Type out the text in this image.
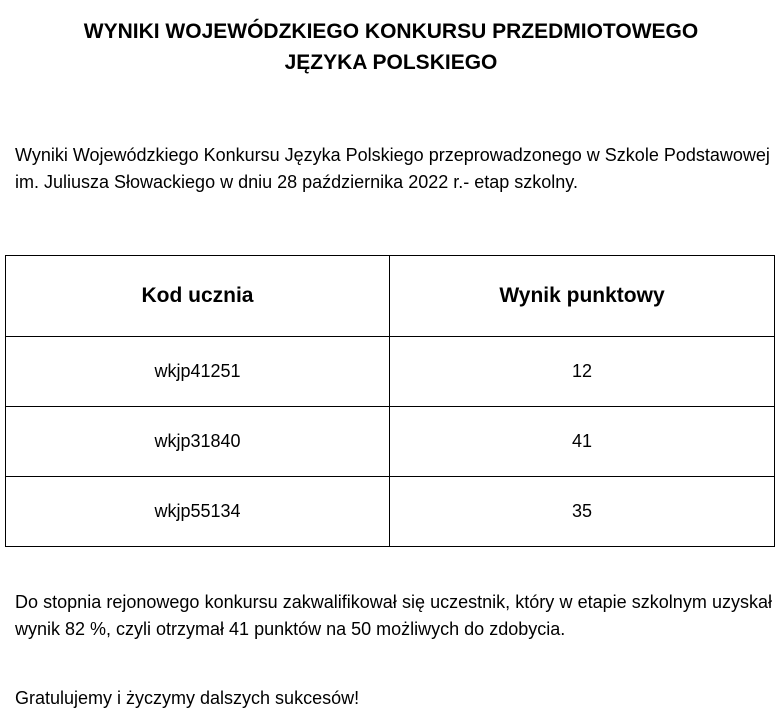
WYNIKI WOJEWÓDZKIEGO KONKURSU PRZEDMIOTOWEGO
JĘZYKA POLSKIEGO

Wyniki Wojewódzkiego Konkursu Języka Polskiego przeprowadzonego w Szkole Podstawowej im. Juliusza Słowackiego w dniu 28 października 2022 r.- etap szkolny.

Kod ucznia	Wynik punktowy
wkjp41251	12
wkjp31840	41
wkjp55134	35

Do stopnia rejonowego konkursu zakwalifikował się uczestnik, który w etapie szkolnym uzyskał wynik 82 %, czyli otrzymał 41 punktów na 50 możliwych do zdobycia.

Gratulujemy i życzymy dalszych sukcesów!
